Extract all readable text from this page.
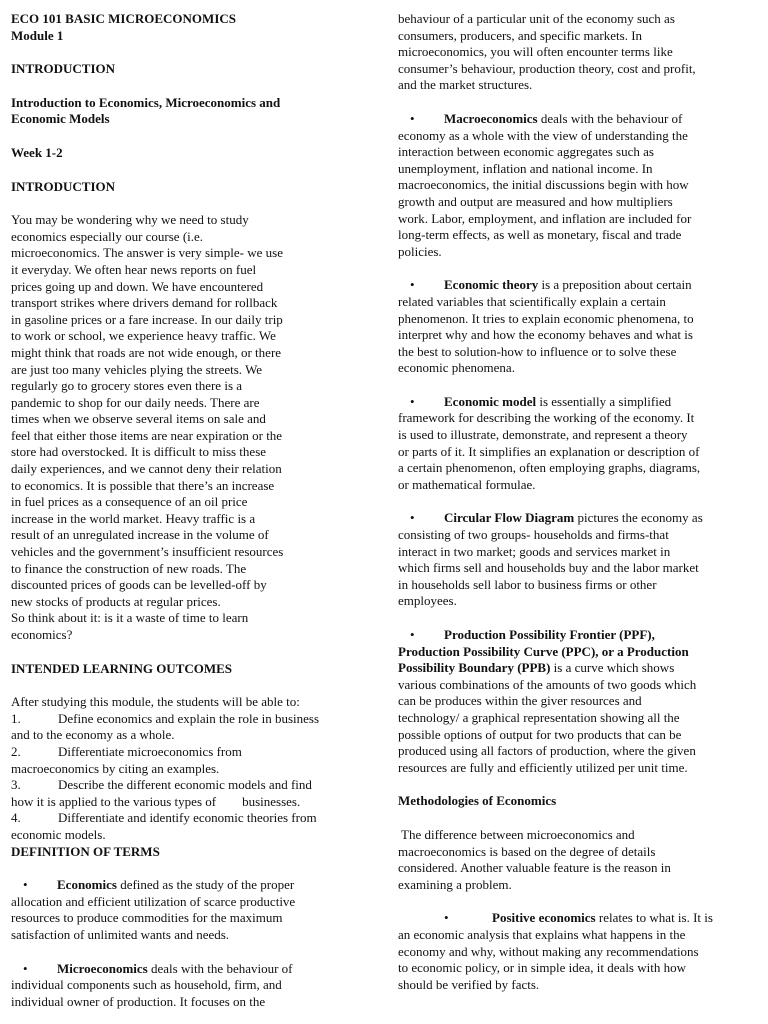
ECO 101 BASIC MICROECONOMICS
Module 1
INTRODUCTION
Introduction to Economics, Microeconomics and
Economic Models
Week 1-2
INTRODUCTION
You may be wondering why we need to study
economics especially our course (i.e.
microeconomics. The answer is very simple- we use
it everyday. We often hear news reports on fuel
prices going up and down. We have encountered
transport strikes where drivers demand for rollback
in gasoline prices or a fare increase. In our daily trip
to work or school, we experience heavy traffic. We
might think that roads are not wide enough, or there
are just too many vehicles plying the streets. We
regularly go to grocery stores even there is a
pandemic to shop for our daily needs. There are
times when we observe several items on sale and
feel that either those items are near expiration or the
store had overstocked. It is difficult to miss these
daily experiences, and we cannot deny their relation
to economics. It is possible that there’s an increase
in fuel prices as a consequence of an oil price
increase in the world market. Heavy traffic is a
result of an unregulated increase in the volume of
vehicles and the government’s insufficient resources
to finance the construction of new roads. The
discounted prices of goods can be levelled-off by
new stocks of products at regular prices.
So think about it: is it a waste of time to learn
economics?
INTENDED LEARNING OUTCOMES
After studying this module, the students will be able to:
1.	Define economics and explain the role in business
and to the economy as a whole.
2.	Differentiate microeconomics from
macroeconomics by citing an examples.
3.	Describe the different economic models and find
how it is applied to the various types of        businesses.
4.	Differentiate and identify economic theories from
economic models.
DEFINITION OF TERMS
• Economics defined as the study of the proper
allocation and efficient utilization of scarce productive
resources to produce commodities for the maximum
satisfaction of unlimited wants and needs.
• Microeconomics deals with the behaviour of
individual components such as household, firm, and
individual owner of production. It focuses on the
behaviour of a particular unit of the economy such as
consumers, producers, and specific markets. In
microeconomics, you will often encounter terms like
consumer’s behaviour, production theory, cost and profit,
and the market structures.
• Macroeconomics deals with the behaviour of
economy as a whole with the view of understanding the
interaction between economic aggregates such as
unemployment, inflation and national income. In
macroeconomics, the initial discussions begin with how
growth and output are measured and how multipliers
work. Labor, employment, and inflation are included for
long-term effects, as well as monetary, fiscal and trade
policies.
• Economic theory is a preposition about certain
related variables that scientifically explain a certain
phenomenon. It tries to explain economic phenomena, to
interpret why and how the economy behaves and what is
the best to solution-how to influence or to solve these
economic phenomena.
• Economic model is essentially a simplified
framework for describing the working of the economy. It
is used to illustrate, demonstrate, and represent a theory
or parts of it. It simplifies an explanation or description of
a certain phenomenon, often employing graphs, diagrams,
or mathematical formulae.
• Circular Flow Diagram pictures the economy as
consisting of two groups- households and firms-that
interact in two market; goods and services market in
which firms sell and households buy and the labor market
in households sell labor to business firms or other
employees.
• Production Possibility Frontier (PPF),
Production Possibility Curve (PPC), or a Production
Possibility Boundary (PPB) is a curve which shows
various combinations of the amounts of two goods which
can be produces within the giver resources and
technology/ a graphical representation showing all the
possible options of output for two products that can be
produced using all factors of production, where the given
resources are fully and efficiently utilized per unit time.
Methodologies of Economics
The difference between microeconomics and
macroeconomics is based on the degree of details
considered. Another valuable feature is the reason in
examining a problem.
•	Positive economics relates to what is. It is
an economic analysis that explains what happens in the
economy and why, without making any recommendations
to economic policy, or in simple idea, it deals with how
should be verified by facts.
